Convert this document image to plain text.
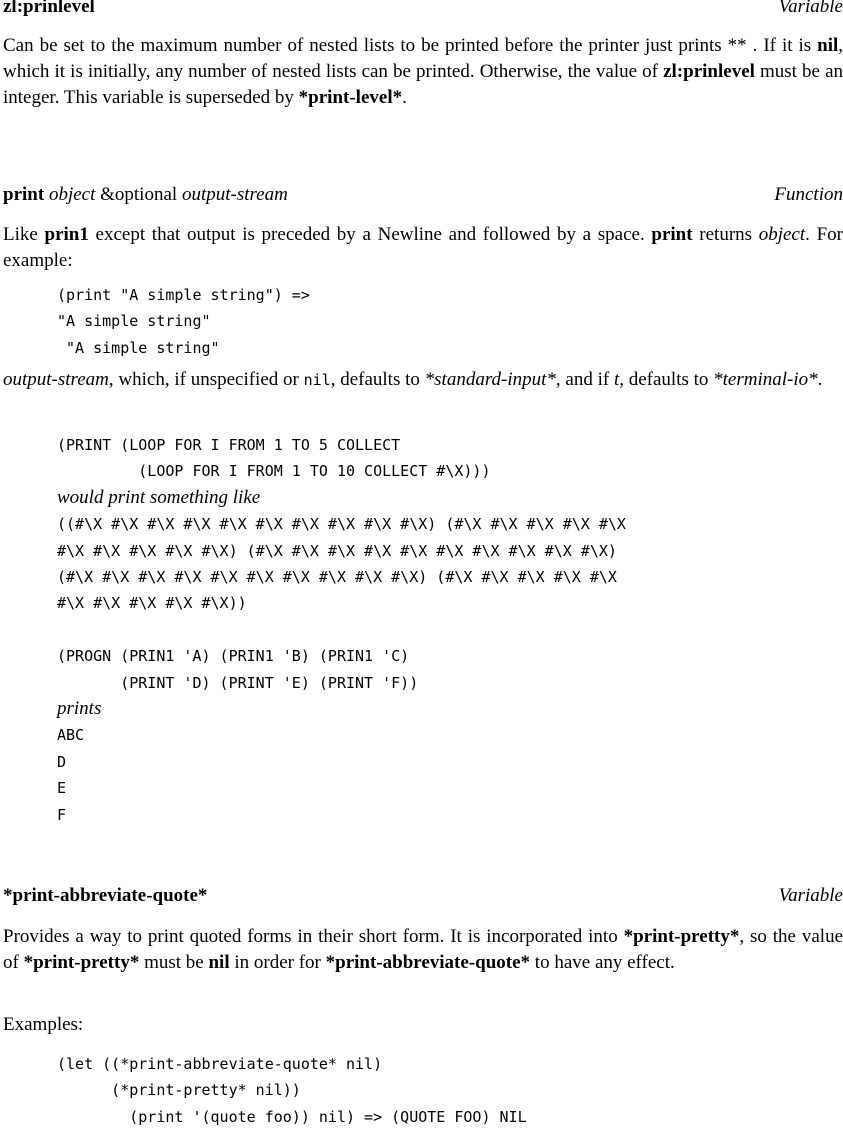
zl:prinlevel	Variable

Can be set to the maximum number of nested lists to be printed before the printer just prints ** . If it is nil, which it is initially, any number of nested lists can be printed. Otherwise, the value of zl:prinlevel must be an integer. This variable is superseded by *print-level*.

print object &optional output-stream	Function

Like prin1 except that output is preceded by a Newline and followed by a space. print returns object. For example:

(print "A simple string") =>
"A simple string"
"A simple string"

output-stream, which, if unspecified or nil, defaults to *standard-input*, and if t, defaults to *terminal-io*.

(PRINT (LOOP FOR I FROM 1 TO 5 COLLECT
(LOOP FOR I FROM 1 TO 10 COLLECT #\X)))
would print something like
((#\X #\X #\X #\X #\X #\X #\X #\X #\X #\X) (#\X #\X #\X #\X #\X
#\X #\X #\X #\X #\X) (#\X #\X #\X #\X #\X #\X #\X #\X #\X #\X)
(#\X #\X #\X #\X #\X #\X #\X #\X #\X #\X) (#\X #\X #\X #\X #\X
#\X #\X #\X #\X #\X))

(PROGN (PRIN1 'A) (PRIN1 'B) (PRIN1 'C)
(PRINT 'D) (PRINT 'E) (PRINT 'F))
prints
ABC
D
E
F
*print-abbreviate-quote*	Variable

Provides a way to print quoted forms in their short form. It is incorporated into *print-pretty*, so the value of *print-pretty* must be nil in order for *print-abbreviate-quote* to have any effect.

Examples:

(let ((*print-abbreviate-quote* nil)
(*print-pretty* nil))
(print '(quote foo)) nil) => (QUOTE FOO) NIL
